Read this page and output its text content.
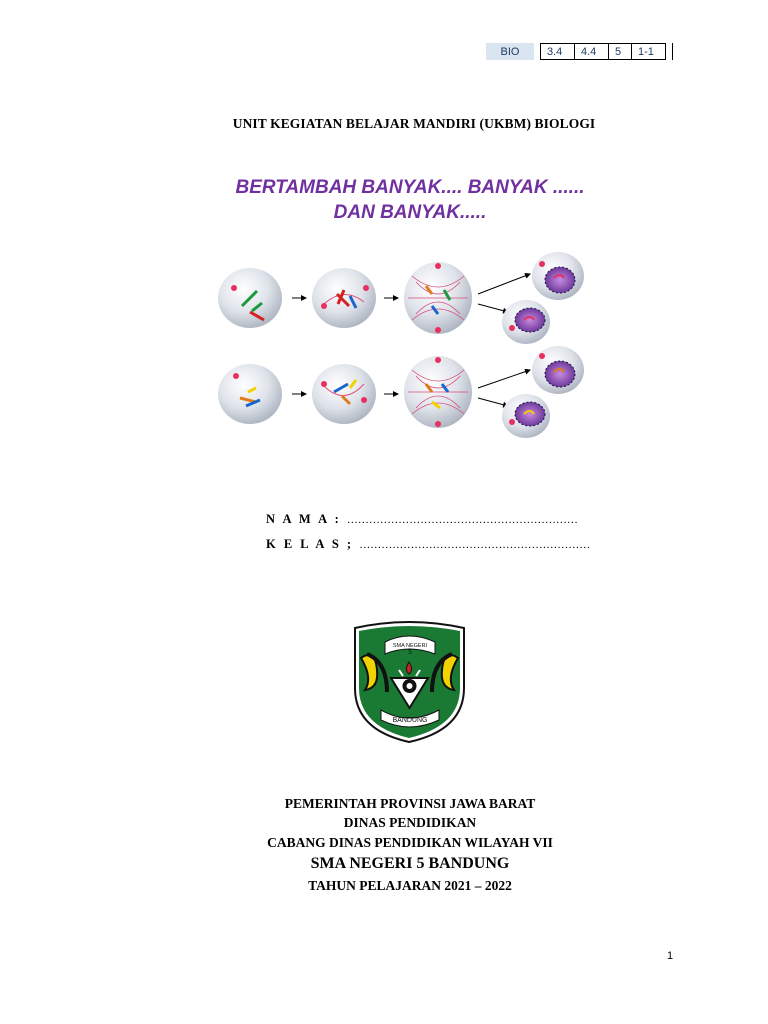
BIO	3.4	4.4	5	1-1
UNIT KEGIATAN BELAJAR MANDIRI (UKBM) BIOLOGI
BERTAMBAH BANYAK.... BANYAK ......
DAN BANYAK.....
N A M A : ………………………………………………………
K E L A S ; ………………………………………………………
SMA NEGERI
5
BANDUNG
PEMERINTAH PROVINSI JAWA BARAT
DINAS PENDIDIKAN
CABANG DINAS PENDIDIKAN WILAYAH VII
SMA NEGERI 5 BANDUNG
TAHUN PELAJARAN 2021 – 2022
1
